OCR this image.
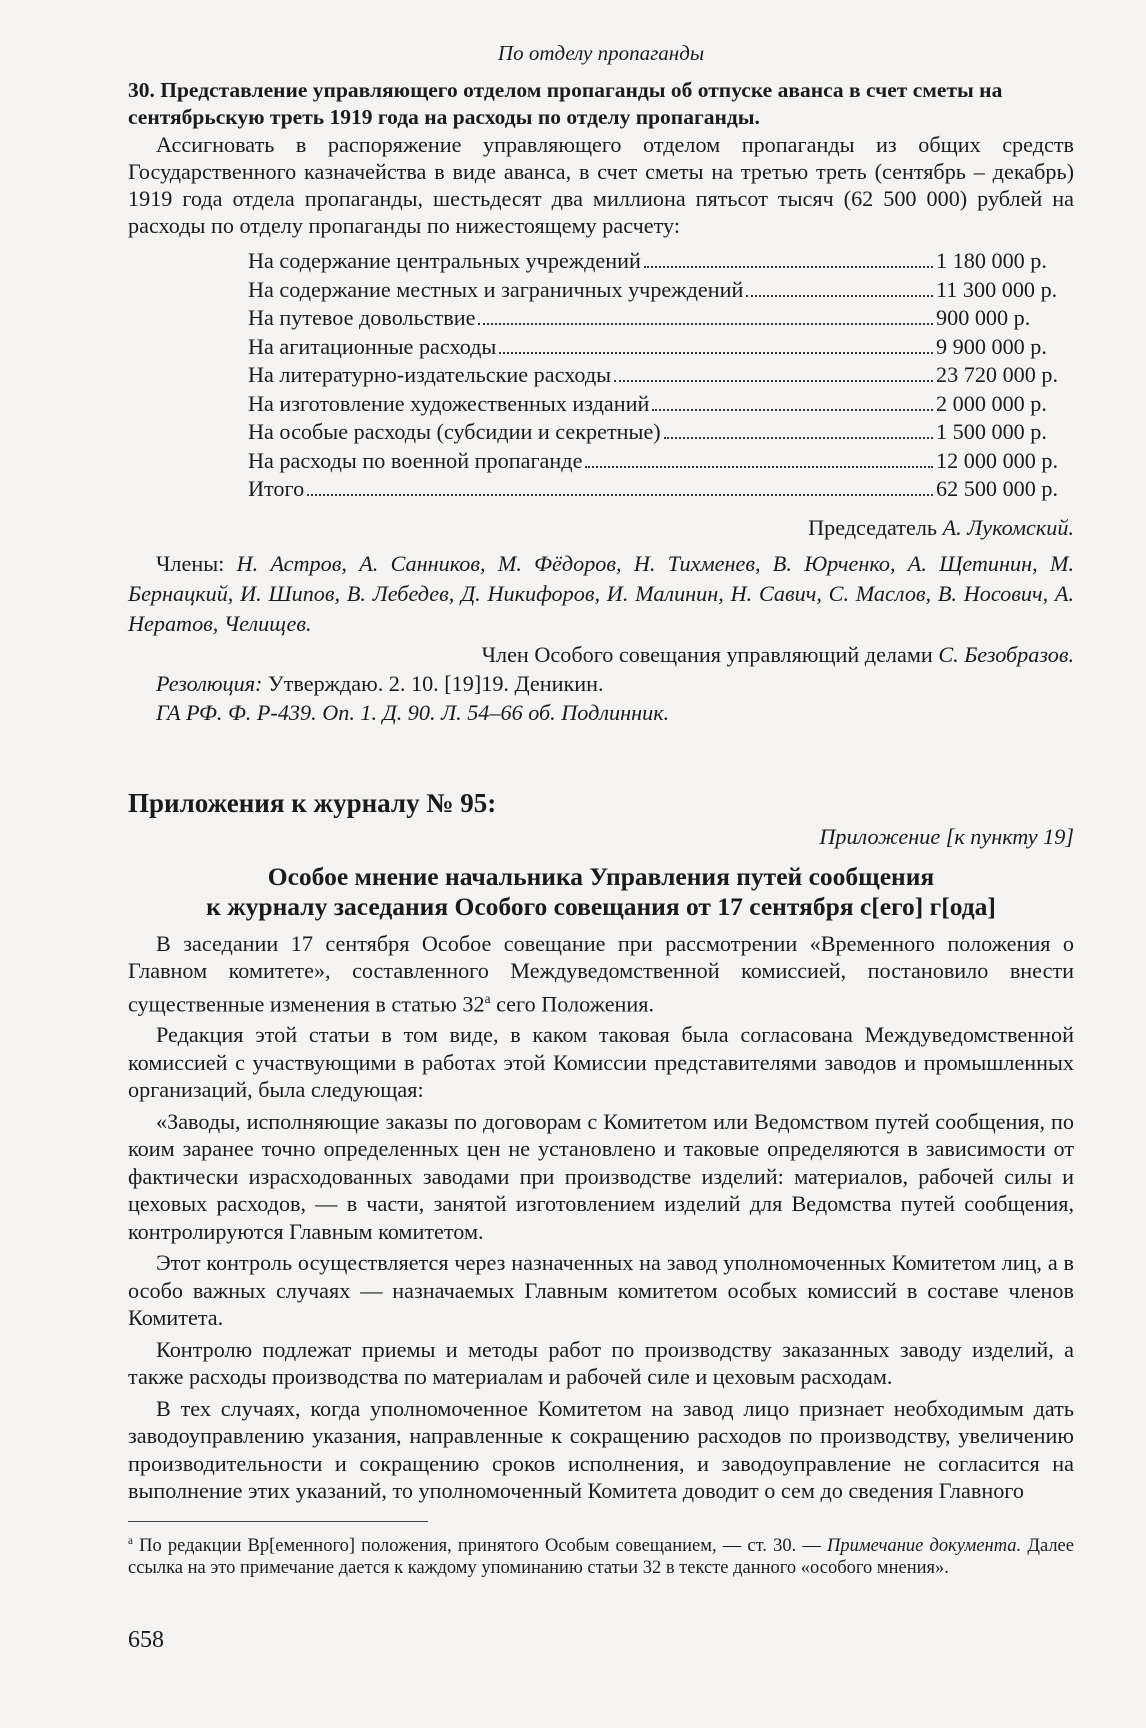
По отделу пропаганды
30. Представление управляющего отделом пропаганды об отпуске аванса в счет сметы на сентябрьскую треть 1919 года на расходы по отделу пропаганды.

Ассигновать в распоряжение управляющего отделом пропаганды из общих средств Государственного казначейства в виде аванса, в счет сметы на третью треть (сентябрь – декабрь) 1919 года отдела пропаганды, шестьдесят два миллиона пятьсот тысяч (62 500 000) рублей на расходы по отделу пропаганды по нижестоящему расчету:

На содержание центральных учреждений	1 180 000 р.
На содержание местных и заграничных учреждений	11 300 000 р.
На путевое довольствие	900 000 р.
На агитационные расходы	9 900 000 р.
На литературно-издательские расходы	23 720 000 р.
На изготовление художественных изданий	2 000 000 р.
На особые расходы (субсидии и секретные)	1 500 000 р.
На расходы по военной пропаганде	12 000 000 р.
Итого	62 500 000 р.
Председатель А. Лукомский.
Члены: Н. Астров, А. Санников, М. Фёдоров, Н. Тихменев, В. Юрченко, А. Щетинин, М. Бернацкий, И. Шипов, В. Лебедев, Д. Никифоров, И. Малинин, Н. Савич, С. Маслов, В. Носович, А. Нератов, Челищев.
Член Особого совещания управляющий делами С. Безобразов.
Резолюция: Утверждаю. 2. 10. [19]19. Деникин.
ГА РФ. Ф. Р-439. Оп. 1. Д. 90. Л. 54–66 об. Подлинник.
Приложения к журналу № 95:
Приложение [к пункту 19]
Особое мнение начальника Управления путей сообщения
к журналу заседания Особого совещания от 17 сентября с[его] г[ода]

В заседании 17 сентября Особое совещание при рассмотрении «Временного положения о Главном комитете», составленного Междуведомственной комиссией, постановило внести существенные изменения в статью 32$^a$ сего Положения.

Редакция этой статьи в том виде, в каком таковая была согласована Междуведомственной комиссией с участвующими в работах этой Комиссии представителями заводов и промышленных организаций, была следующая:

«Заводы, исполняющие заказы по договорам с Комитетом или Ведомством путей сообщения, по коим заранее точно определенных цен не установлено и таковые определяются в зависимости от фактически израсходованных заводами при производстве изделий: материалов, рабочей силы и цеховых расходов, — в части, занятой изготовлением изделий для Ведомства путей сообщения, контролируются Главным комитетом.

Этот контроль осуществляется через назначенных на завод уполномоченных Комитетом лиц, а в особо важных случаях — назначаемых Главным комитетом особых комиссий в составе членов Комитета.

Контролю подлежат приемы и методы работ по производству заказанных заводу изделий, а также расходы производства по материалам и рабочей силе и цеховым расходам.

В тех случаях, когда уполномоченное Комитетом на завод лицо признает необходимым дать заводоуправлению указания, направленные к сокращению расходов по производству, увеличению производительности и сокращению сроков исполнения, и заводоуправление не согласится на выполнение этих указаний, то уполномоченный Комитета доводит о сем до сведения Главного

$^a$ По редакции Вр[еменного] положения, принятого Особым совещанием, — ст. 30. — Примечание документа. Далее ссылка на это примечание дается к каждому упоминанию статьи 32 в тексте данного «особого мнения».
658
